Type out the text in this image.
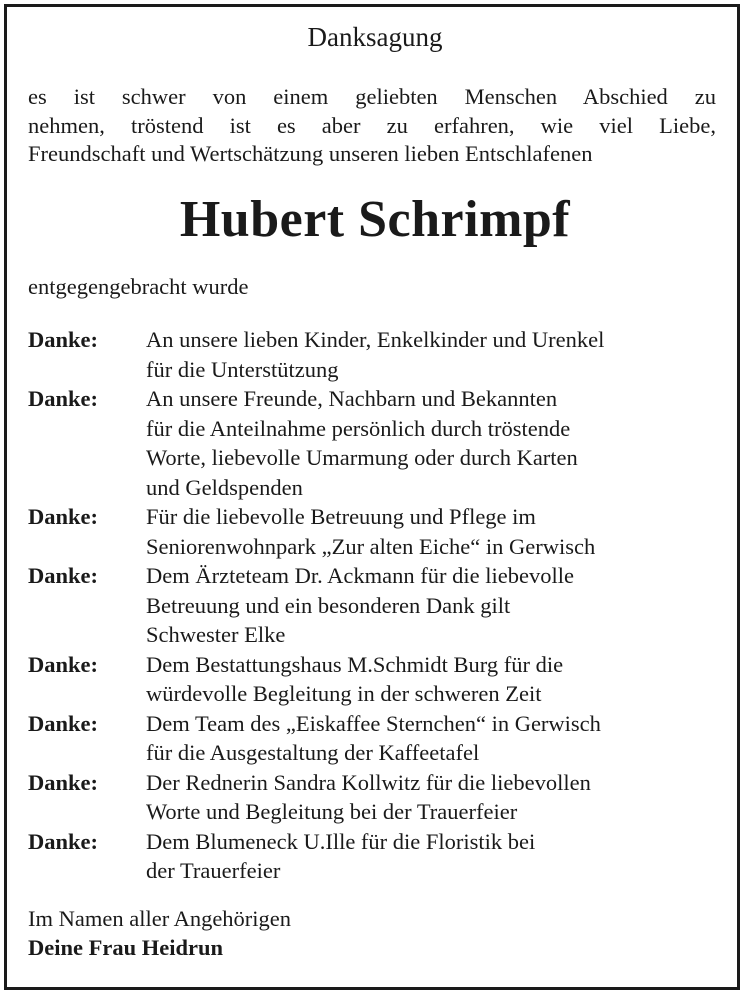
Danksagung
es ist schwer von einem geliebten Menschen Abschied zu
nehmen, tröstend ist es aber zu erfahren, wie viel Liebe,
Freundschaft und Wertschätzung unseren lieben Entschlafenen
Hubert Schrimpf
entgegengebracht wurde
Danke:	An unsere lieben Kinder, Enkelkinder und Urenkel
für die Unterstützung
Danke:	An unsere Freunde, Nachbarn und Bekannten
für die Anteilnahme persönlich durch tröstende
Worte, liebevolle Umarmung oder durch Karten
und Geldspenden
Danke:	Für die liebevolle Betreuung und Pflege im
Seniorenwohnpark „Zur alten Eiche“ in Gerwisch
Danke:	Dem Ärzteteam Dr. Ackmann für die liebevolle
Betreuung und ein besonderen Dank gilt
Schwester Elke
Danke:	Dem Bestattungshaus M.Schmidt Burg für die
würdevolle Begleitung in der schweren Zeit
Danke:	Dem Team des „Eiskaffee Sternchen“ in Gerwisch
für die Ausgestaltung der Kaffeetafel
Danke:	Der Rednerin Sandra Kollwitz für die liebevollen
Worte und Begleitung bei der Trauerfeier
Danke:	Dem Blumeneck U.Ille für die Floristik bei
der Trauerfeier
Im Namen aller Angehörigen
Deine Frau Heidrun
